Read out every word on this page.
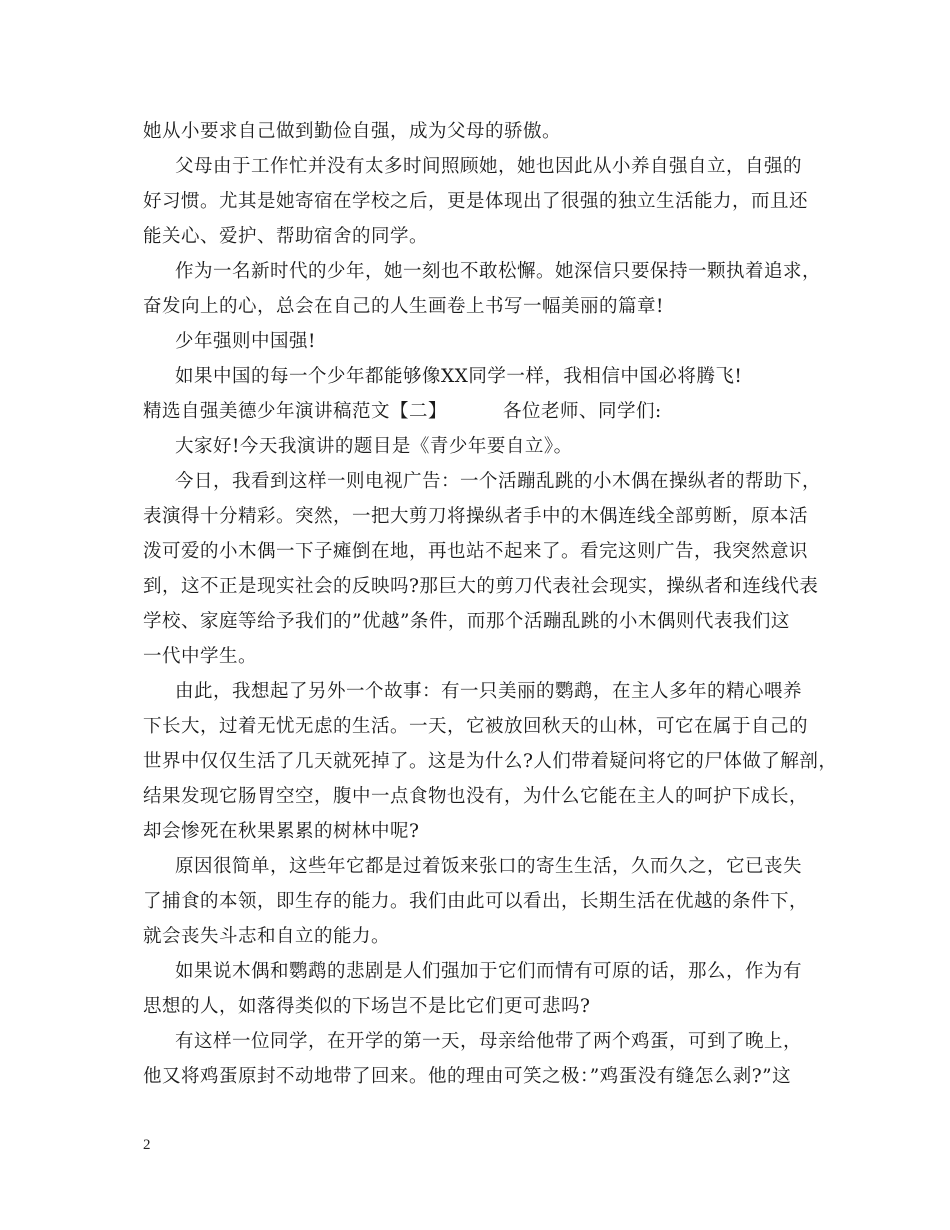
她从小要求自己做到勤俭自强，成为父母的骄傲。
父母由于工作忙并没有太多时间照顾她，她也因此从小养自强自立，自强的
好习惯。尤其是她寄宿在学校之后，更是体现出了很强的独立生活能力，而且还
能关心、爱护、帮助宿舍的同学。
作为一名新时代的少年，她一刻也不敢松懈。她深信只要保持一颗执着追求，
奋发向上的心，总会在自己的人生画卷上书写一幅美丽的篇章!
少年强则中国强!
如果中国的每一个少年都能够像XX同学一样，我相信中国必将腾飞!
精选自强美德少年演讲稿范文【二】	各位老师、同学们:
大家好!今天我演讲的题目是《青少年要自立》。
今日，我看到这样一则电视广告：一个活蹦乱跳的小木偶在操纵者的帮助下，
表演得十分精彩。突然，一把大剪刀将操纵者手中的木偶连线全部剪断，原本活
泼可爱的小木偶一下子瘫倒在地，再也站不起来了。看完这则广告，我突然意识
到，这不正是现实社会的反映吗?那巨大的剪刀代表社会现实，操纵者和连线代表
学校、家庭等给予我们的”优越”条件，而那个活蹦乱跳的小木偶则代表我们这
一代中学生。
由此，我想起了另外一个故事：有一只美丽的鹦鹉，在主人多年的精心喂养
下长大，过着无忧无虑的生活。一天，它被放回秋天的山林，可它在属于自己的
世界中仅仅生活了几天就死掉了。这是为什么?人们带着疑问将它的尸体做了解剖，
结果发现它肠胃空空，腹中一点食物也没有，为什么它能在主人的呵护下成长，
却会惨死在秋果累累的树林中呢?
原因很简单，这些年它都是过着饭来张口的寄生生活，久而久之，它已丧失
了捕食的本领，即生存的能力。我们由此可以看出，长期生活在优越的条件下，
就会丧失斗志和自立的能力。
如果说木偶和鹦鹉的悲剧是人们强加于它们而情有可原的话，那么，作为有
思想的人，如落得类似的下场岂不是比它们更可悲吗?
有这样一位同学，在开学的第一天，母亲给他带了两个鸡蛋，可到了晚上，
他又将鸡蛋原封不动地带了回来。他的理由可笑之极：”鸡蛋没有缝怎么剥?”这
2
